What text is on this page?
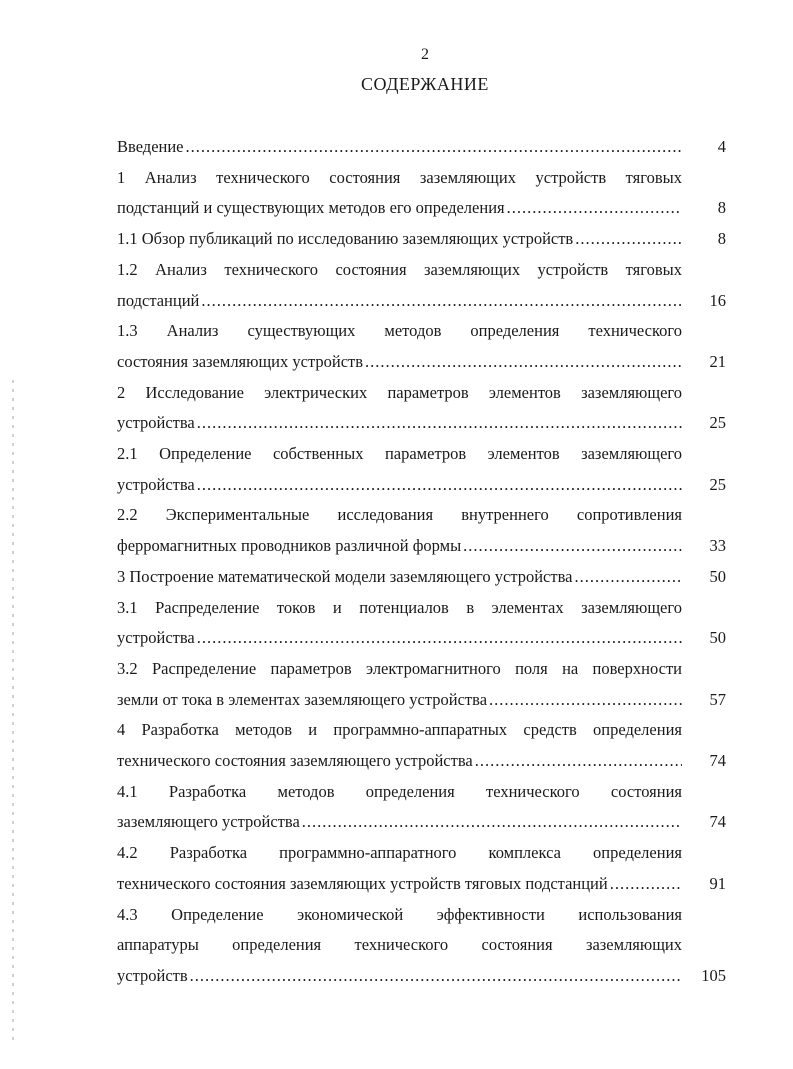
2
СОДЕРЖАНИЕ
Введение .....	4
1 Анализ технического состояния заземляющих устройств тяговых
подстанций и существующих методов его определения .....	8
1.1 Обзор публикаций по исследованию заземляющих устройств .....	8
1.2 Анализ технического состояния заземляющих устройств тяговых
подстанций .....	16
1.3 Анализ существующих методов определения технического
состояния заземляющих устройств .....	21
2 Исследование электрических параметров элементов заземляющего
устройства .....	25
2.1 Определение собственных параметров элементов заземляющего
устройства .....	25
2.2 Экспериментальные исследования внутреннего сопротивления
ферромагнитных проводников различной формы .....	33
3 Построение математической модели заземляющего устройства .....	50
3.1 Распределение токов и потенциалов в элементах заземляющего
устройства .....	50
3.2 Распределение параметров электромагнитного поля на поверхности
земли от тока в элементах заземляющего устройства .....	57
4 Разработка методов и программно-аппаратных средств определения
технического состояния заземляющего устройства .....	74
4.1 Разработка методов определения технического состояния
заземляющего устройства .....	74
4.2 Разработка программно-аппаратного комплекса определения
технического состояния заземляющих устройств тяговых подстанций .....	91
4.3 Определение экономической эффективности использования
аппаратуры определения технического состояния заземляющих
устройств .....	105
